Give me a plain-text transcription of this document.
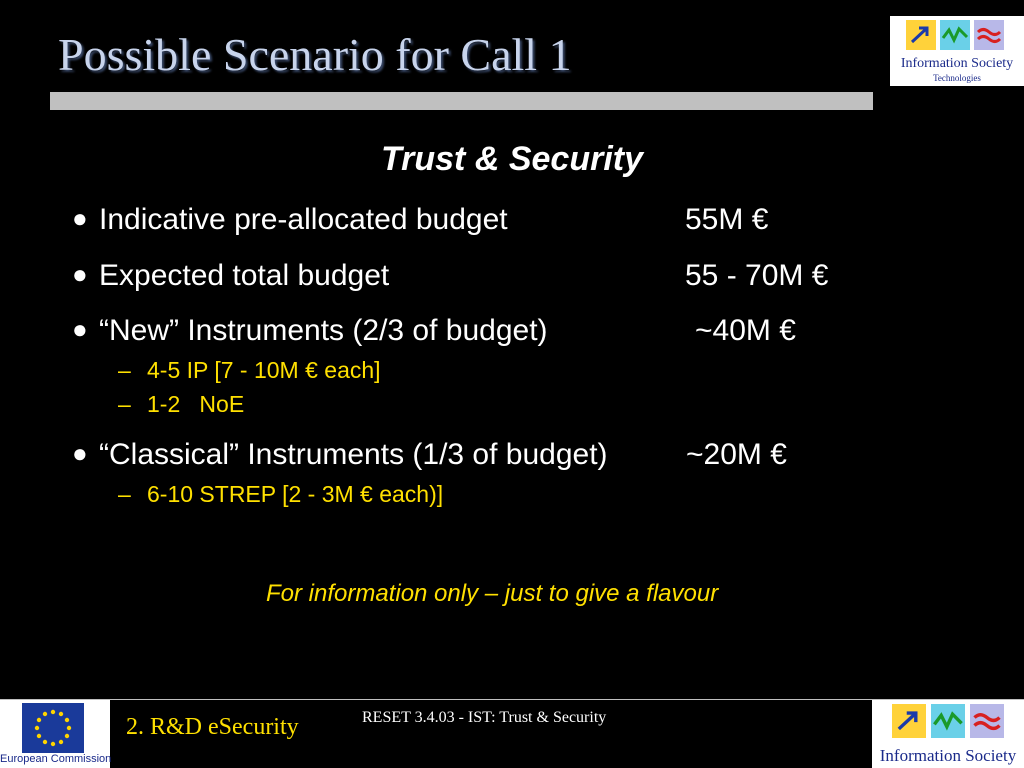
Possible Scenario for Call 1	Information Society
Technologies
Trust & Security
● Indicative pre-allocated budget	55M €
● Expected total budget	55 - 70M €
● “New” Instruments (2/3 of budget)	~40M €
– 4-5 IP [7 - 10M € each]
– 1-2   NoE
● “Classical” Instruments (1/3 of budget)	~20M €
– 6-10 STREP [2 - 3M € each)]
For information only – just to give a flavour
European Commission
2. R&D eSecurity	RESET 3.4.03 - IST: Trust & Security
Information Society
